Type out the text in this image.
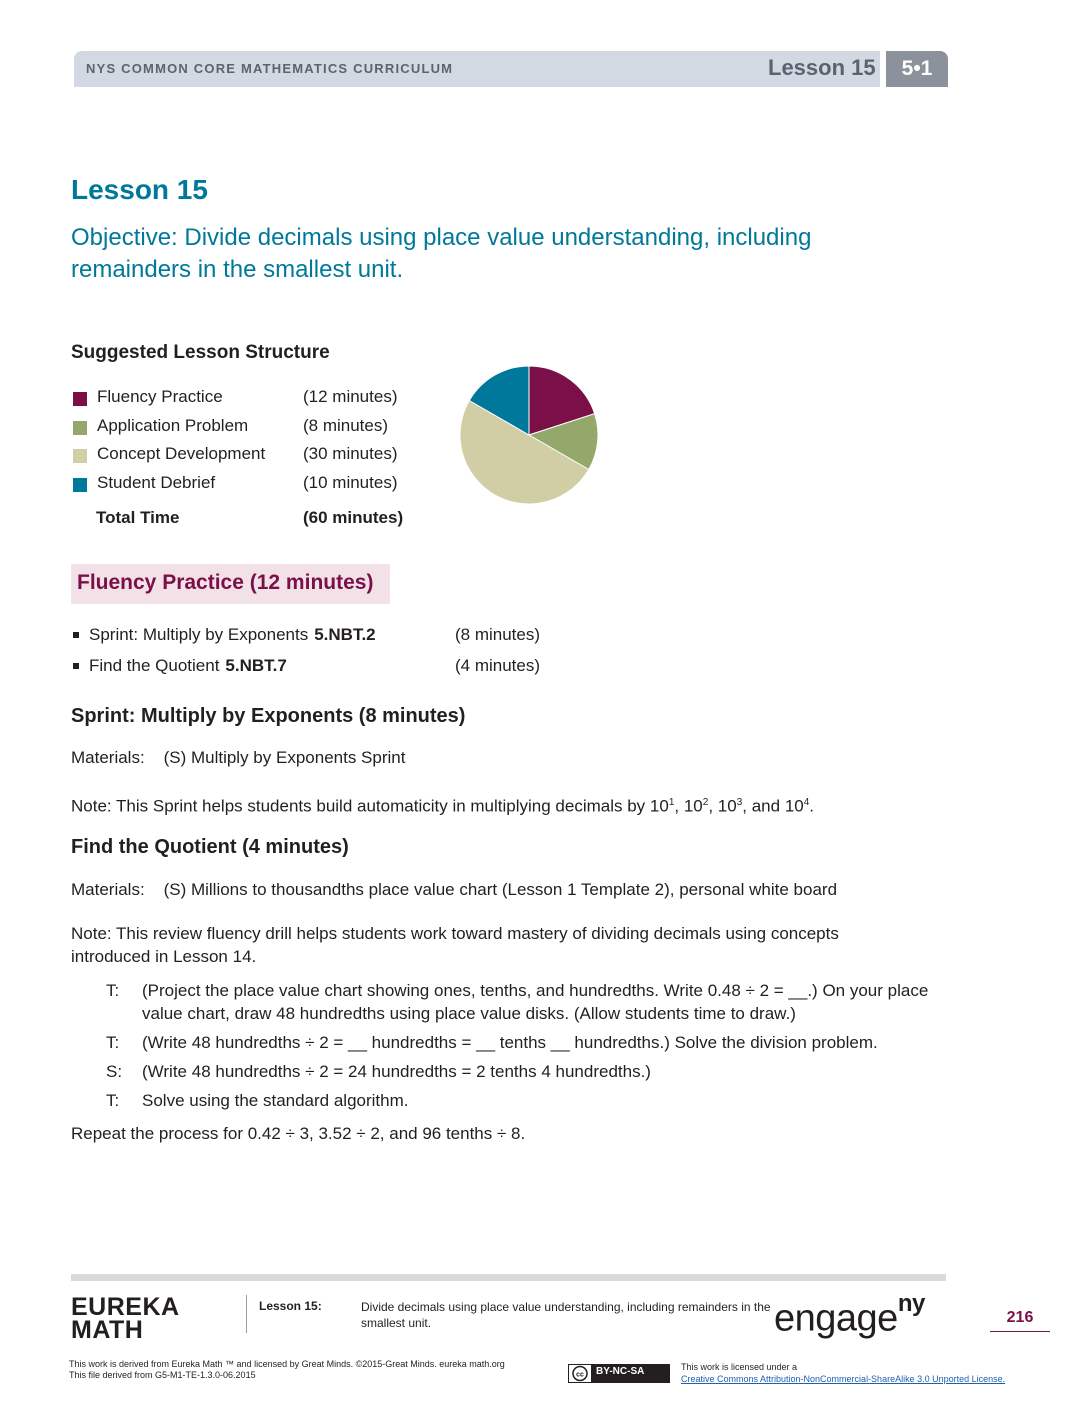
NYS COMMON CORE MATHEMATICS CURRICULUM	Lesson 15	5•1
Lesson 15
Objective: Divide decimals using place value understanding, including remainders in the smallest unit.
Suggested Lesson Structure
Fluency Practice	(12 minutes)
Application Problem	(8 minutes)
Concept Development (30 minutes)
Student Debrief	(10 minutes)
Total Time	(60 minutes)
Fluency Practice (12 minutes)
Sprint: Multiply by Exponents 5.NBT.2	(8 minutes)
Find the Quotient 5.NBT.7	(4 minutes)
Sprint: Multiply by Exponents (8 minutes)
Materials:    (S) Multiply by Exponents Sprint
Note: This Sprint helps students build automaticity in multiplying decimals by $10^1$, $10^2$, $10^3$, and $10^4$.
Find the Quotient (4 minutes)
Materials:    (S) Millions to thousandths place value chart (Lesson 1 Template 2), personal white board
Note: This review fluency drill helps students work toward mastery of dividing decimals using concepts introduced in Lesson 14.
T: (Project the place value chart showing ones, tenths, and hundredths. Write 0.48 ÷ 2 = __.) On your place value chart, draw 48 hundredths using place value disks. (Allow students time to draw.)
T: (Write 48 hundredths ÷ 2 = __ hundredths = __ tenths __ hundredths.) Solve the division problem.
S: (Write 48 hundredths ÷ 2 = 24 hundredths = 2 tenths 4 hundredths.)
T: Solve using the standard algorithm.
Repeat the process for 0.42 ÷ 3, 3.52 ÷ 2, and 96 tenths ÷ 8.
EUREKA
MATH
Lesson 15:	Divide decimals using place value understanding, including remainders in the smallest unit.	engage$^{ny}$
216
This work is derived from Eureka Math ™ and licensed by Great Minds. ©2015-Great Minds. eureka math.org
This file derived from G5-M1-TE-1.3.0-06.2015	cc BY-NC-SA	This work is licensed under a
Creative Commons Attribution-NonCommercial-ShareAlike 3.0 Unported License.
